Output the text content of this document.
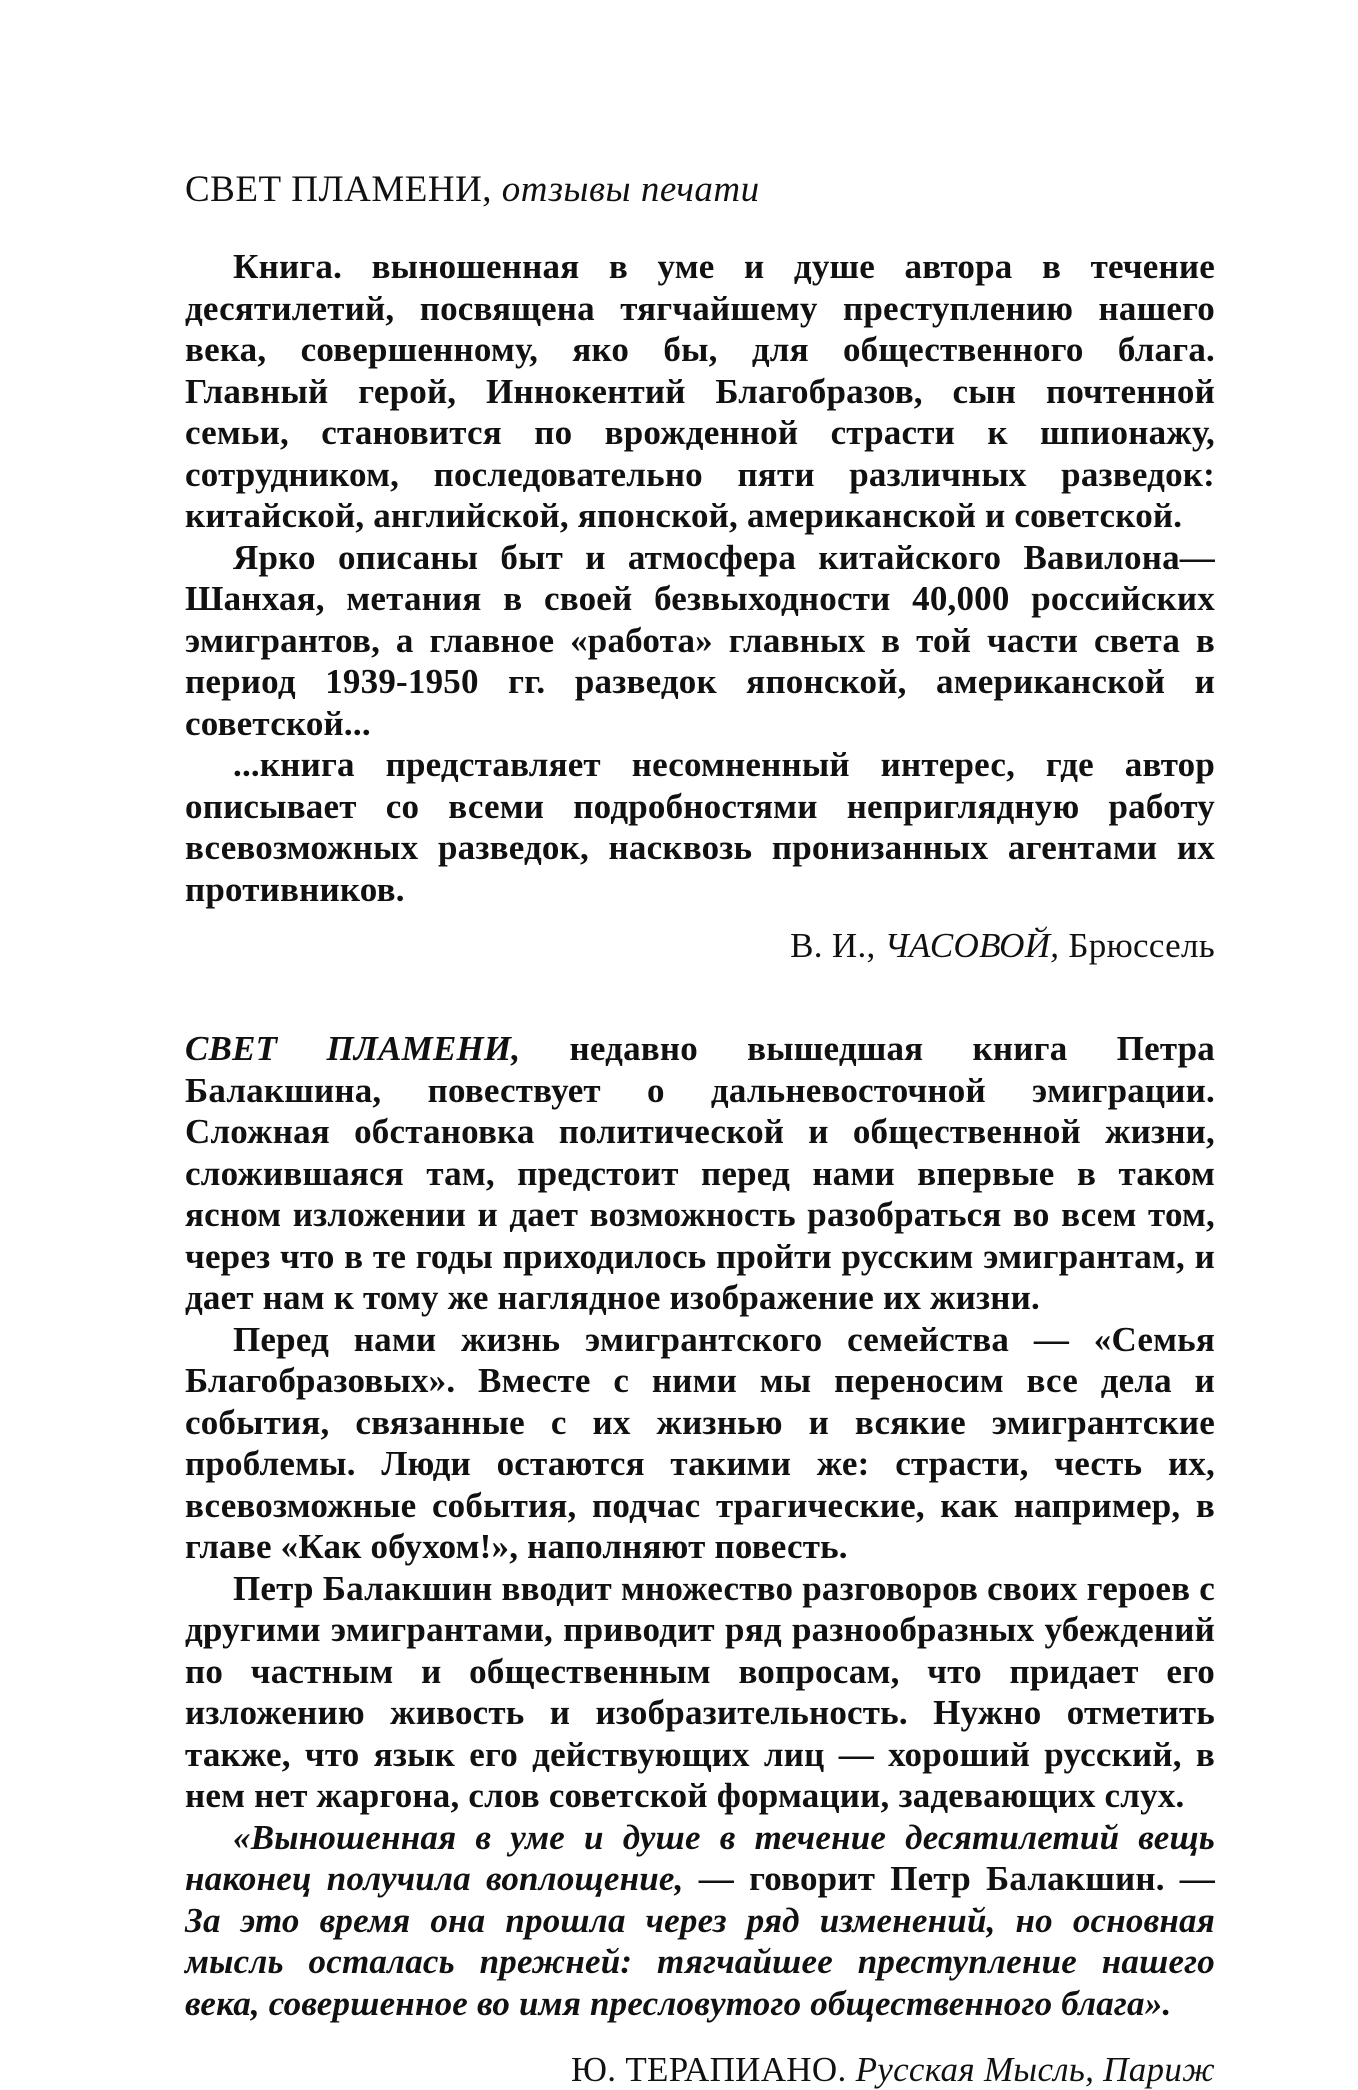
СВЕТ ПЛАМЕНИ, отзывы печати

Книга. выношенная в уме и душе автора в течение десятилетий, посвящена тягчайшему преступлению нашего века, совершенному, яко бы, для общественного блага. Главный герой, Иннокентий Благобразов, сын почтенной семьи, становится по врожденной страсти к шпионажу, сотрудником, последовательно пяти различных разведок: китайской, английской, японской, американской и советской.

Ярко описаны быт и атмосфера китайского Вавилона—Шанхая, метания в своей безвыходности 40,000 российских эмигрантов, а главное «работа» главных в той части света в период 1939-1950 гг. разведок японской, американской и советской...

...книга представляет несомненный интерес, где автор описывает со всеми подробностями неприглядную работу всевозможных разведок, насквозь пронизанных агентами их противников.

В. И., ЧАСОВОЙ, Брюссель

СВЕТ ПЛАМЕНИ, недавно вышедшая книга Петра Балакшина, повествует о дальневосточной эмиграции. Сложная обстановка политической и общественной жизни, сложившаяся там, предстоит перед нами впервые в таком ясном изложении и дает возможность разобраться во всем том, через что в те годы приходилось пройти русским эмигрантам, и дает нам к тому же наглядное изображение их жизни.

Перед нами жизнь эмигрантского семейства — «Семья Благобразовых». Вместе с ними мы переносим все дела и события, связанные с их жизнью и всякие эмигрантские проблемы. Люди остаются такими же: страсти, честь их, всевозможные события, подчас трагические, как например, в главе «Как обухом!», наполняют повесть.

Петр Балакшин вводит множество разговоров своих героев с другими эмигрантами, приводит ряд разнообразных убеждений по частным и общественным вопросам, что придает его изложению живость и изобразительность. Нужно отметить также, что язык его действующих лиц — хороший русский, в нем нет жаргона, слов советской формации, задевающих слух.

«Выношенная в уме и душе в течение десятилетий вещь наконец получила воплощение, — говорит Петр Балакшин. — За это время она прошла через ряд изменений, но основная мысль осталась прежней: тягчайшее преступление нашего века, совершенное во имя пресловутого общественного блага».

Ю. ТЕРАПИАНО. Русская Мысль, Париж
